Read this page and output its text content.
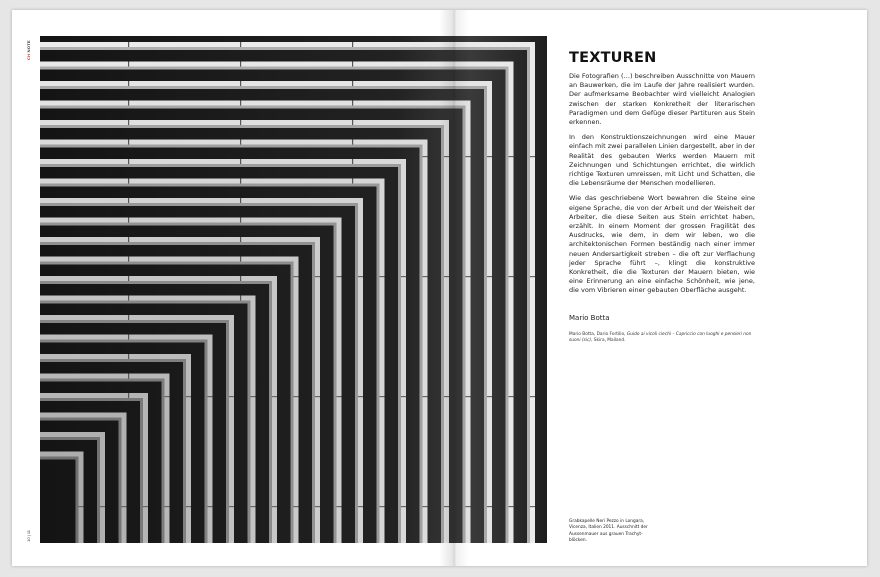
CH NOTE
10 | 11
TEXTUREN

Die Fotografien (…) beschreiben Ausschnitte von Mauern an Bauwerken, die im Laufe der Jahre realisiert wurden. Der aufmerksame Beobachter wird vielleicht Analogien zwischen der starken Konkretheit der literarischen Paradigmen und dem Gefüge dieser Partituren aus Stein erkennen.

In den Konstruktionszeichnungen wird eine Mauer einfach mit zwei parallelen Linien dargestellt, aber in der Realität des gebauten Werks werden Mauern mit Zeichnungen und Schichtungen errichtet, die wirklich richtige Texturen umreissen, mit Licht und Schatten, die die Lebensräume der Menschen modellieren.

Wie das geschriebene Wort bewahren die Steine eine eigene Sprache, die von der Arbeit und der Weisheit der Arbeiter, die diese Seiten aus Stein errichtet haben, erzählt. In einem Moment der grossen Fragilität des Ausdrucks, wie dem, in dem wir leben, wo die architektonischen Formen beständig nach einer immer neuen Andersartigkeit streben – die oft zur Verflachung jeder Sprache führt –, klingt die konstruktive Konkretheit, die die Texturen der Mauern bieten, wie eine Erinnerung an eine einfache Schönheit, wie jene, die vom Vibrieren einer gebauten Oberfläche ausgeht.

Mario Botta

Mario Botta, Dario Fortilio, Guido ai vicoli ciechi – Capriccio con luoghi e pensieri non suoni (sic), Skira, Mailand.

Grabkapelle Neri Pezzo in Longara, Vicenza, Italien 2011. Ausschnitt der Aussenmauer aus grauen Trachytblöcken.
